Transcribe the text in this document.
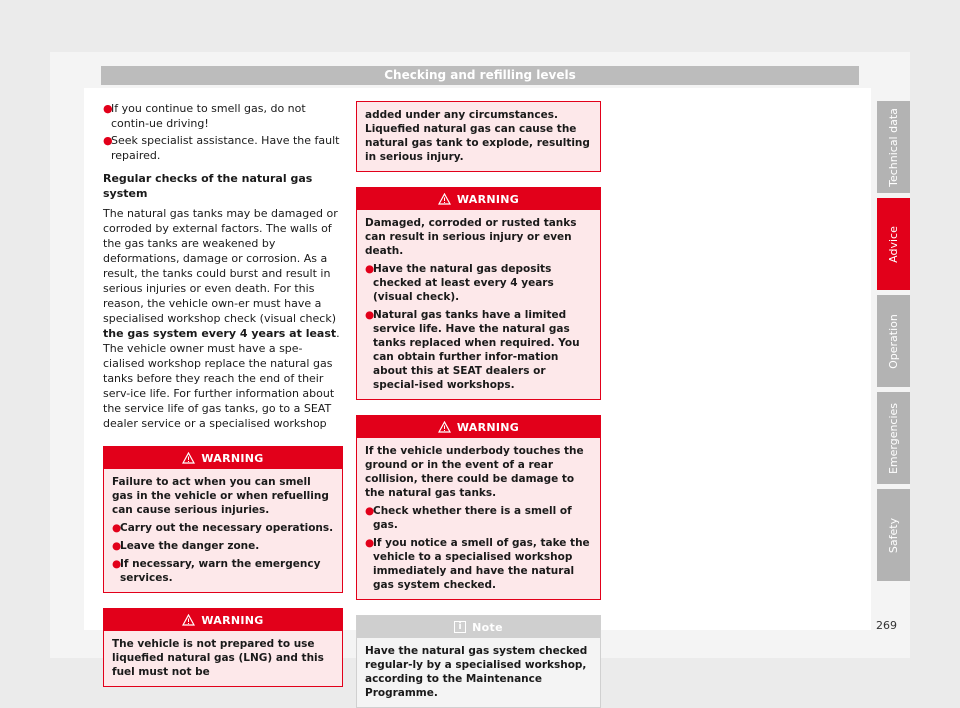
Checking and refilling levels

●
If you continue to smell gas, do not contin-ue driving!

●
Seek specialist assistance. Have the fault repaired.

Regular checks of the natural gas system

The natural gas tanks may be damaged or corroded by external factors. The walls of the gas tanks are weakened by deformations, damage or corrosion. As a result, the tanks could burst and result in serious injuries or even death. For this reason, the vehicle own-er must have a specialised workshop check (visual check) the gas system every 4 years at least. The vehicle owner must have a spe-cialised workshop replace the natural gas tanks before they reach the end of their serv-ice life. For further information about the service life of gas tanks, go to a SEAT dealer service or a specialised workshop

WARNING

Failure to act when you can smell gas in the vehicle or when refuelling can cause serious injuries.

●
Carry out the necessary operations.

●
Leave the danger zone.

●
If necessary, warn the emergency services.

WARNING

The vehicle is not prepared to use liquefied natural gas (LNG) and this fuel must not be

added under any circumstances. Liquefied natural gas can cause the natural gas tank to explode, resulting in serious injury.

WARNING

Damaged, corroded or rusted tanks can result in serious injury or even death.

●
Have the natural gas deposits checked at least every 4 years (visual check).

●
Natural gas tanks have a limited service life. Have the natural gas tanks replaced when required. You can obtain further infor-mation about this at SEAT dealers or special-ised workshops.

WARNING

If the vehicle underbody touches the ground or in the event of a rear collision, there could be damage to the natural gas tanks.

●
Check whether there is a smell of gas.

●
If you notice a smell of gas, take the vehicle to a specialised workshop immediately and have the natural gas system checked.

i Note

Have the natural gas system checked regular-ly by a specialised workshop, according to the Maintenance Programme.

Technical data
Advice
Operation
Emergencies
Safety
269
